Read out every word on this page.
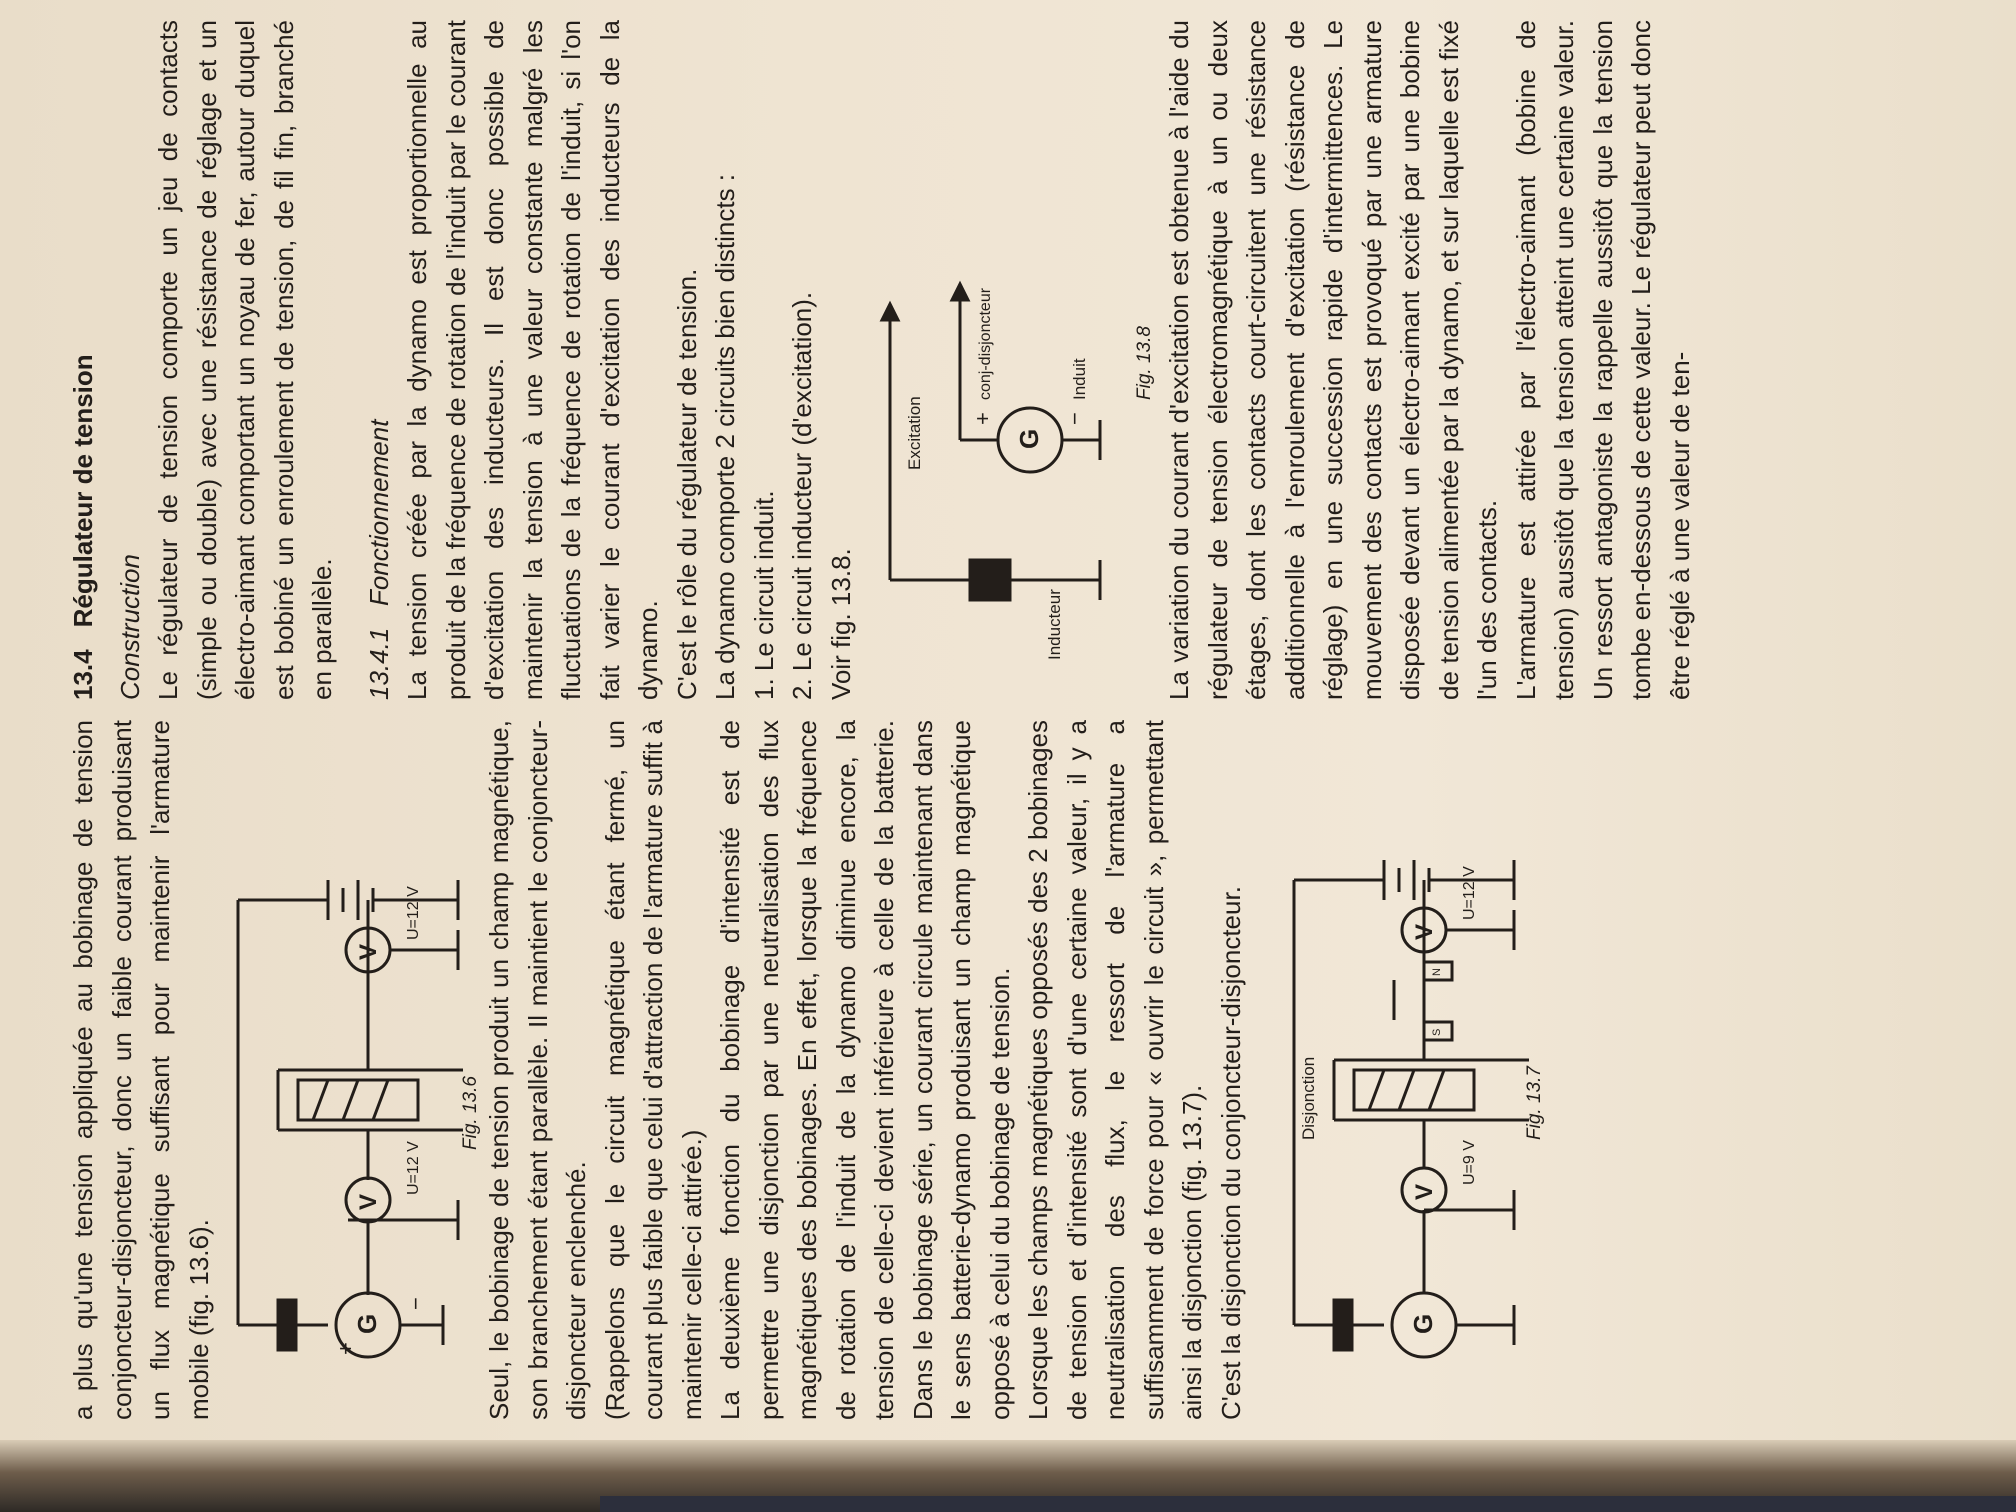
a plus qu'une tension appliquée au bobinage de tension conjoncteur-disjoncteur, donc un faible courant produisant un flux magnétique suffisant pour maintenir l'armature mobile (fig. 13.6).	G
V
V
+
−
U=12 V
U=12 V
Fig. 13.6 Seul, le bobinage de tension produit un champ magnétique, son branchement étant parallèle. Il maintient le conjoncteur-disjoncteur enclenché. (Rappelons que le circuit magnétique étant fermé, un courant plus faible que celui d'attraction de l'armature suffit à maintenir celle-ci attirée.) La deuxième fonction du bobinage d'intensité est de permettre une disjonction par une neutralisation des flux magnétiques des bobinages. En effet, lorsque la fréquence de rotation de l'induit de la dynamo diminue encore, la tension de celle-ci devient inférieure à celle de la batterie. Dans le bobinage série, un courant circule maintenant dans le sens batterie-dynamo produisant un champ magnétique opposé à celui du bobinage de tension. Lorsque les champs magnétiques opposés des 2 bobinages de tension et d'intensité sont d'une certaine valeur, il y a neutralisation des flux, le ressort de l'armature a suffisamment de force pour « ouvrir le circuit », permettant ainsi la disjonction (fig. 13.7). C'est la disjonction du conjoncteur-disjoncteur.	G
V
V
S
N
Disjonction
U=9 V
U=12 V
Fig. 13.7

13.4Régulateur de tension Construction Le régulateur de tension comporte un jeu de contacts (simple ou double) avec une résistance de réglage et un électro-aimant comportant un noyau de fer, autour duquel est bobiné un enroulement de tension, de fil fin, branché en parallèle. 13.4.1   Fonctionnement La tension créée par la dynamo est proportionnelle au produit de la fréquence de rotation de l'induit par le courant d'excitation des inducteurs. Il est donc possible de maintenir la tension à une valeur constante malgré les fluctuations de la fréquence de rotation de l'induit, si l'on fait varier le courant d'excitation des inducteurs de la dynamo. C'est le rôle du régulateur de tension. La dynamo comporte 2 circuits bien distincts : 1. Le circuit induit. 2. Le circuit inducteur (d'excitation). Voir fig. 13.8.

G
+	−
Excitation
conj-disjoncteur	Induit
Inducteur
Fig. 13.8 La variation du courant d'excitation est obtenue à l'aide du régulateur de tension électromagnétique à un ou deux étages, dont les contacts court-circuitent une résistance additionnelle à l'enroulement d'excitation (résistance de réglage) en une succession rapide d'intermittences. Le mouvement des contacts est provoqué par une armature disposée devant un électro-aimant excité par une bobine de tension alimentée par la dynamo, et sur laquelle est fixé l'un des contacts. L'armature est attirée par l'électro-aimant (bobine de tension) aussitôt que la tension atteint une certaine valeur. Un ressort antagoniste la rappelle aussitôt que la tension tombe en-dessous de cette valeur. Le régulateur peut donc être réglé à une valeur de ten-
